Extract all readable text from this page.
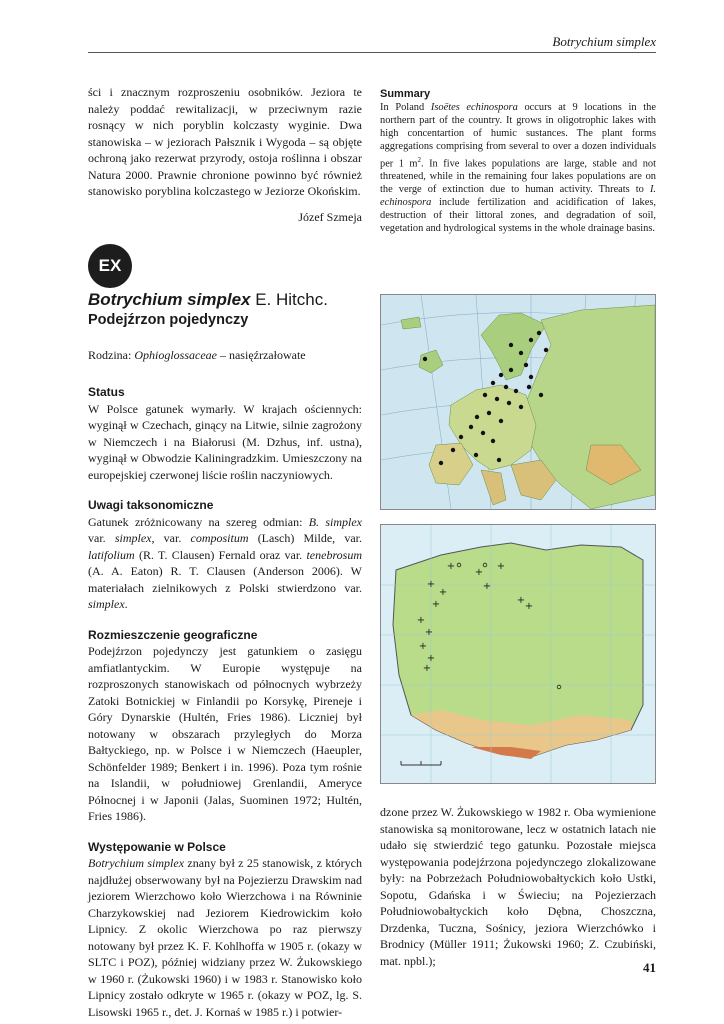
Botrychium simplex

ści i znacznym rozproszeniu osobników. Jeziora te należy poddać rewitalizacji, w przeciwnym razie rosnący w nich poryblin kolczasty wyginie. Dwa stanowiska – w jeziorach Pałsznik i Wygoda – są objęte ochroną jako rezerwat przyrody, ostoja roślinna i obszar Natura 2000. Prawnie chronione powinno być również stanowisko poryblina kolczastego w Jeziorze Okońskim.

Józef Szmeja

Summary

In Poland Isoëtes echinospora occurs at 9 locations in the northern part of the country. It grows in oligotrophic lakes with high concentartion of humic sustances. The plant forms aggregations comprising from several to over a dozen individuals per 1 $m^2$. In five lakes populations are large, stable and not threatened, while in the remaining four lakes populations are on the verge of extinction due to human activity. Threats to I. echinospora include fertilization and acidification of lakes, destruction of their littoral zones, and degradation of soil, vegetation and hydrological systems in the whole drainage basins.

EX
Botrychium simplex E. Hitchc.
Podejźrzon pojedynczy
Rodzina: Ophioglossaceae – nasięźrzałowate

Status

W Polsce gatunek wymarły. W krajach ościennych: wyginął w Czechach, ginący na Litwie, silnie zagrożony w Niemczech i na Białorusi (M. Dzhus, inf. ustna), wyginął w Obwodzie Kaliningradzkim. Umieszczony na europejskiej czerwonej liście roślin naczyniowych.

Uwagi taksonomiczne

Gatunek zróżnicowany na szereg odmian: B. simplex var. simplex, var. compositum (Lasch) Milde, var. latifolium (R. T. Clausen) Fernald oraz var. tenebrosum (A. A. Eaton) R. T. Clausen (Anderson 2006). W materiałach zielnikowych z Polski stwierdzono var. simplex.

Rozmieszczenie geograficzne

Podejźrzon pojedynczy jest gatunkiem o zasięgu amfiatlantyckim. W Europie występuje na rozproszonych stanowiskach od północnych wybrzeży Zatoki Botnickiej w Finlandii po Korsykę, Pireneje i Góry Dynarskie (Hultén, Fries 1986). Liczniej był notowany w obszarach przyległych do Morza Bałtyckiego, np. w Polsce i w Niemczech (Haeupler, Schönfelder 1989; Benkert i in. 1996). Poza tym rośnie na Islandii, w południowej Grenlandii, Ameryce Północnej i w Japonii (Jalas, Suominen 1972; Hultén, Fries 1986).

Występowanie w Polsce

Botrychium simplex znany był z 25 stanowisk, z których najdłużej obserwowany był na Pojezierzu Drawskim nad jeziorem Wierzchowo koło Wierzchowa i na Równinie Charzykowskiej nad Jeziorem Kiedrowickim koło Lipnicy. Z okolic Wierzchowa po raz pierwszy notowany był przez K. F. Kohlhoffa w 1905 r. (okazy w SLTC i POZ), później widziany przez W. Żukowskiego w 1960 r. (Żukowski 1960) i w 1983 r. Stanowisko koło Lipnicy zostało odkryte w 1965 r. (okazy w POZ, lg. S. Lisowski 1965 r., det. J. Kornaś w 1985 r.) i potwier-

+
+
+
+
+
+
+
+
+
+
+
+
+
+

dzone przez W. Żukowskiego w 1982 r. Oba wymienione stanowiska są monitorowane, lecz w ostatnich latach nie udało się stwierdzić tego gatunku. Pozostałe miejsca występowania podejźrzona pojedynczego zlokalizowane były: na Pobrzeżach Południowobałtyckich koło Ustki, Sopotu, Gdańska i w Świeciu; na Pojezierzach Południowobałtyckich koło Dębna, Choszczna, Drzdenka, Tuczna, Sośnicy, jeziora Wierzchówko i Brodnicy (Müller 1911; Żukowski 1960; Z. Czubiński, mat. npbl.);	41
